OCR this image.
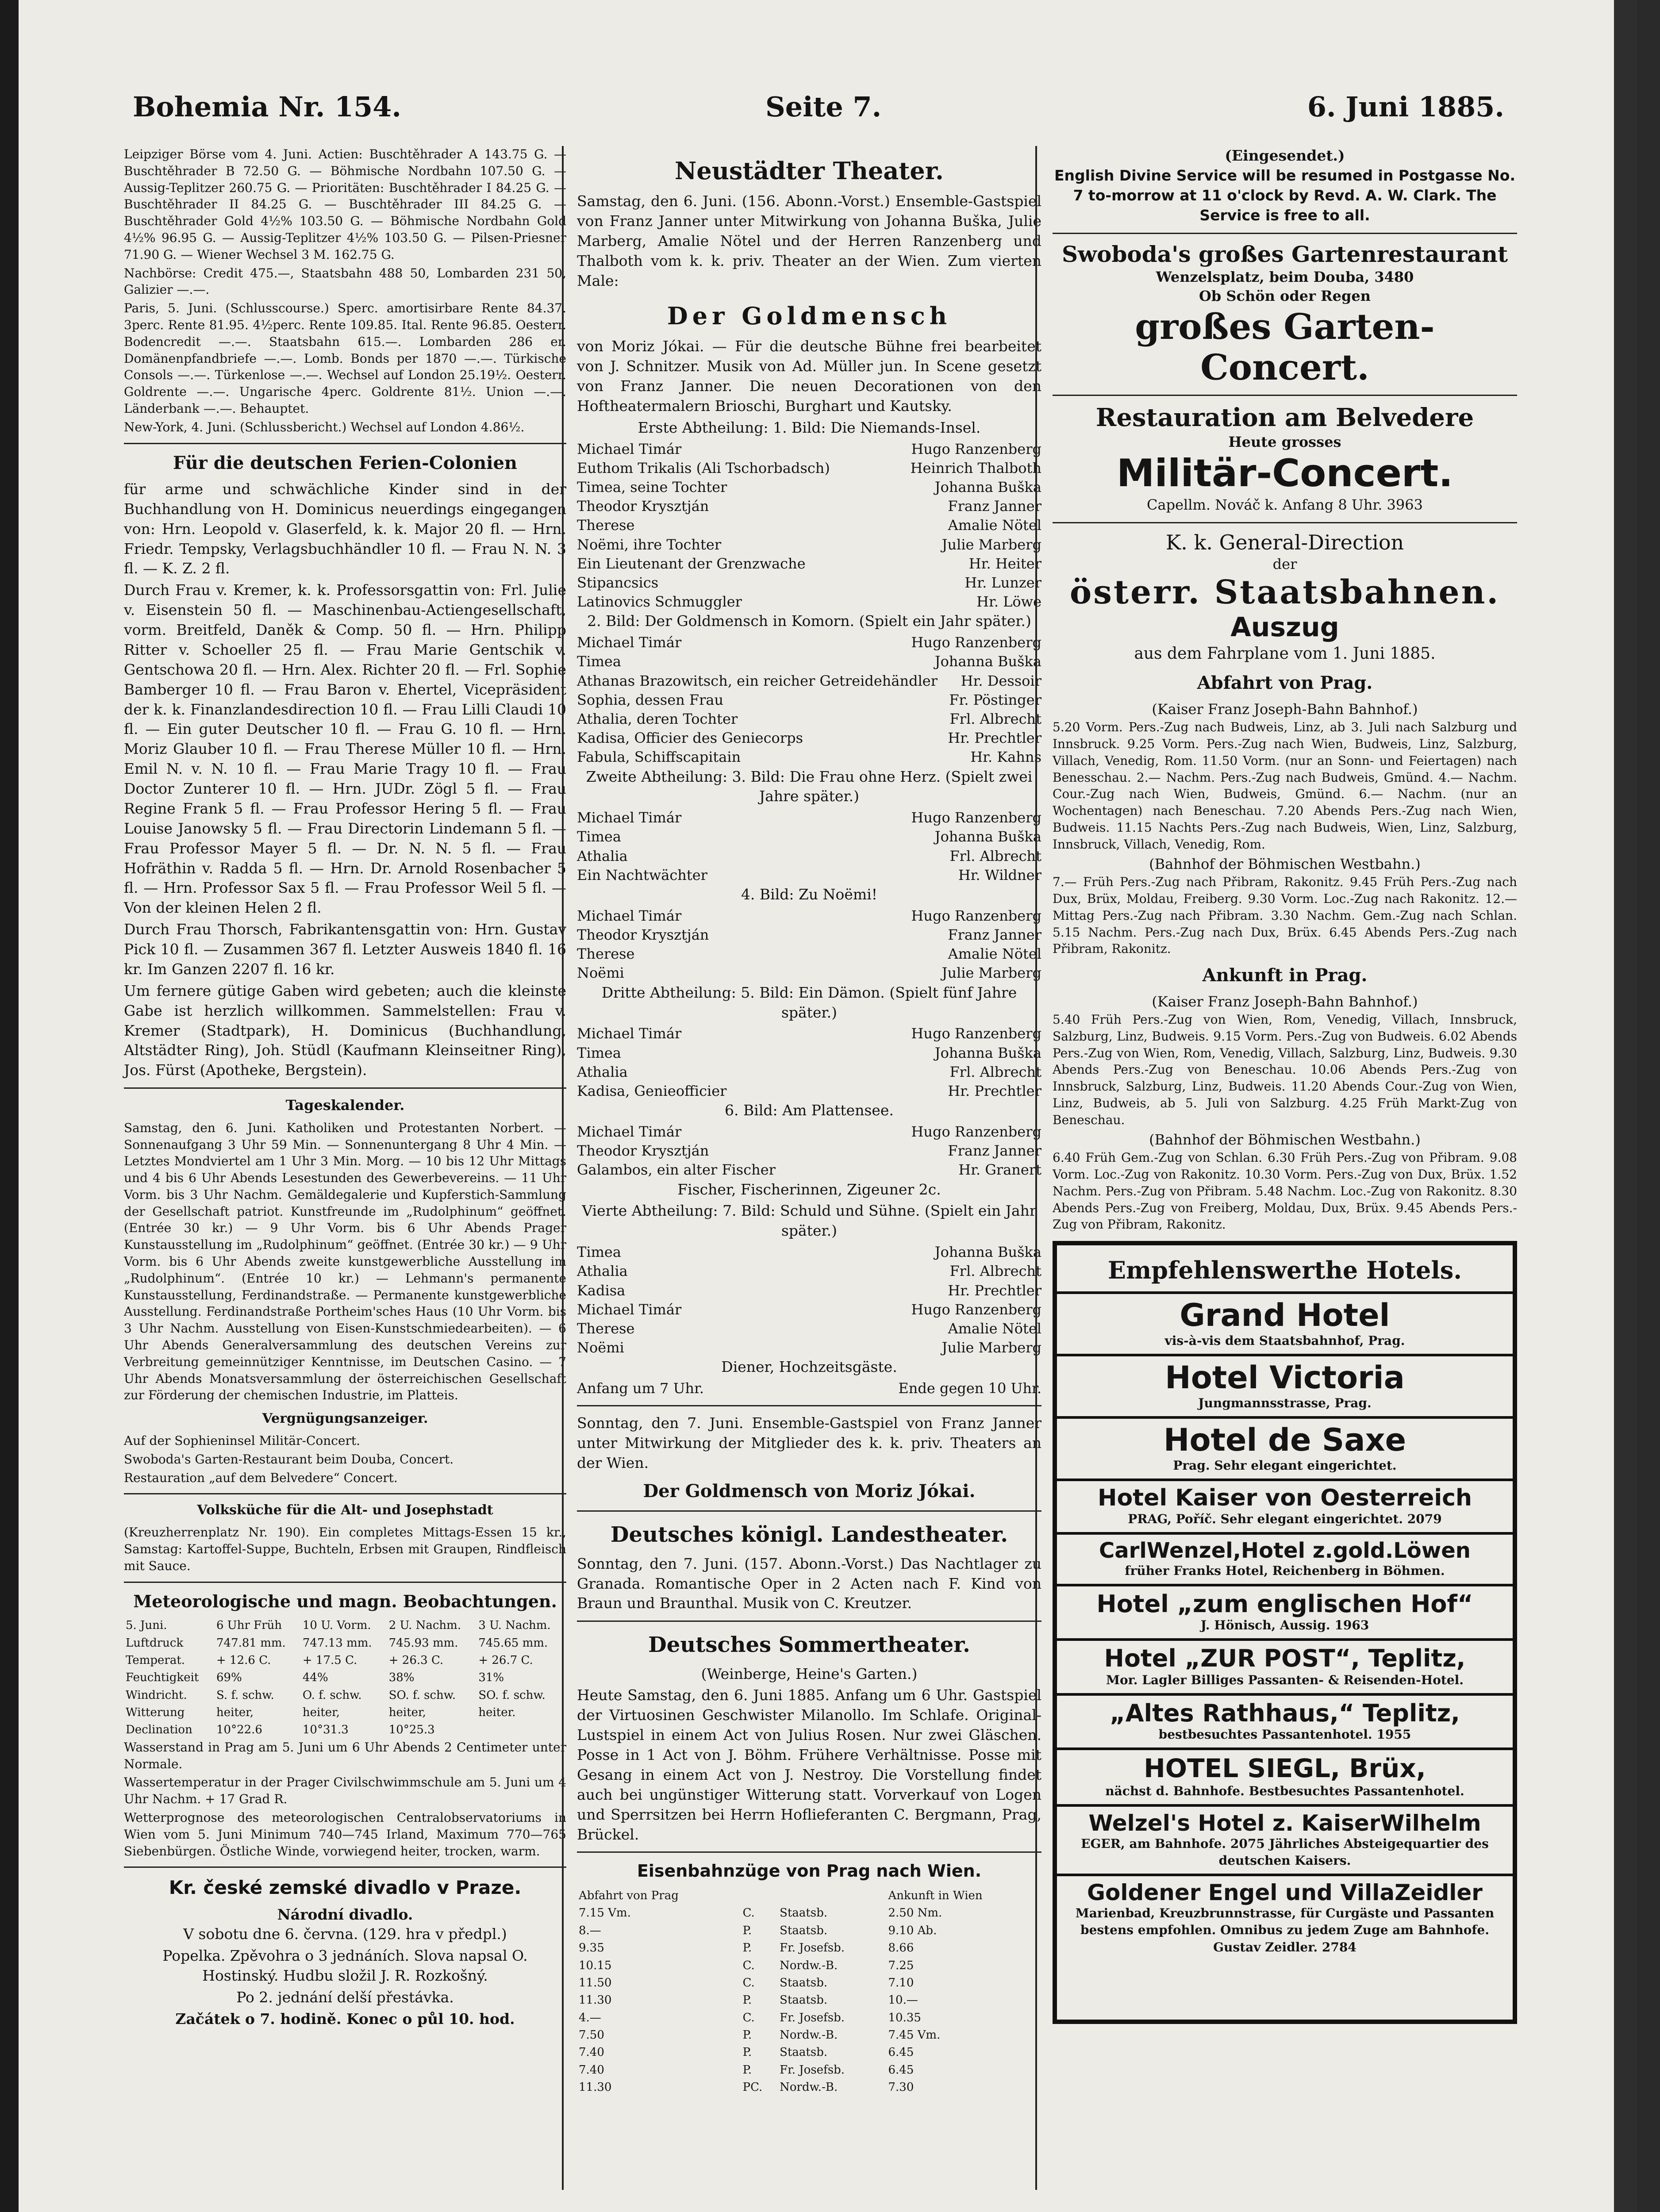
Bohemia Nr. 154.	Seite 7.	6. Juni 1885.

Leipziger Börse vom 4. Juni. Actien: Buschtěhrader A 143.75 G. — Buschtěhrader B 72.50 G. — Böhmische Nordbahn 107.50 G. — Aussig-Teplitzer 260.75 G. — Prioritäten: Buschtěhrader I 84.25 G. — Buschtěhrader II 84.25 G. — Buschtěhrader III 84.25 G. — Buschtěhrader Gold 4½% 103.50 G. — Böhmische Nordbahn Gold 4½% 96.95 G. — Aussig-Teplitzer 4½% 103.50 G. — Pilsen-Priesner 71.90 G. — Wiener Wechsel 3 M. 162.75 G.

Nachbörse: Credit 475.—, Staatsbahn 488 50, Lombarden 231 50, Galizier —.—.

Paris, 5. Juni. (Schlusscourse.) Sperc. amortisirbare Rente 84.37. 3perc. Rente 81.95. 4½perc. Rente 109.85. Ital. Rente 96.85. Oesterr. Bodencredit —.—. Staatsbahn 615.—. Lombarden 286 er. Domänenpfandbriefe —.—. Lomb. Bonds per 1870 —.—. Türkische Consols —.—. Türkenlose —.—. Wechsel auf London 25.19½. Oesterr. Goldrente —.—. Ungarische 4perc. Goldrente 81½. Union —.—. Länderbank —.—. Behauptet.

New-York, 4. Juni. (Schlussbericht.) Wechsel auf London 4.86½.

Für die deutschen Ferien-Colonien

für arme und schwächliche Kinder sind in der Buchhandlung von H. Dominicus neuerdings eingegangen von: Hrn. Leopold v. Glaserfeld, k. k. Major 20 fl. — Hrn. Friedr. Tempsky, Verlagsbuchhändler 10 fl. — Frau N. N. 3 fl. — K. Z. 2 fl.

Durch Frau v. Kremer, k. k. Professorsgattin von: Frl. Julie v. Eisenstein 50 fl. — Maschinenbau-Actiengesellschaft, vorm. Breitfeld, Daněk & Comp. 50 fl. — Hrn. Philipp Ritter v. Schoeller 25 fl. — Frau Marie Gentschik v. Gentschowa 20 fl. — Hrn. Alex. Richter 20 fl. — Frl. Sophie Bamberger 10 fl. — Frau Baron v. Ehertel, Vicepräsident der k. k. Finanzlandesdirection 10 fl. — Frau Lilli Claudi 10 fl. — Ein guter Deutscher 10 fl. — Frau G. 10 fl. — Hrn. Moriz Glauber 10 fl. — Frau Therese Müller 10 fl. — Hrn. Emil N. v. N. 10 fl. — Frau Marie Tragy 10 fl. — Frau Doctor Zunterer 10 fl. — Hrn. JUDr. Zögl 5 fl. — Frau Regine Frank 5 fl. — Frau Professor Hering 5 fl. — Frau Louise Janowsky 5 fl. — Frau Directorin Lindemann 5 fl. — Frau Professor Mayer 5 fl. — Dr. N. N. 5 fl. — Frau Hofräthin v. Radda 5 fl. — Hrn. Dr. Arnold Rosenbacher 5 fl. — Hrn. Professor Sax 5 fl. — Frau Professor Weil 5 fl. — Von der kleinen Helen 2 fl.

Durch Frau Thorsch, Fabrikantensgattin von: Hrn. Gustav Pick 10 fl. — Zusammen 367 fl. Letzter Ausweis 1840 fl. 16 kr. Im Ganzen 2207 fl. 16 kr.

Um fernere gütige Gaben wird gebeten; auch die kleinste Gabe ist herzlich willkommen. Sammelstellen: Frau v. Kremer (Stadtpark), H. Dominicus (Buchhandlung, Altstädter Ring), Joh. Stüdl (Kaufmann Kleinseitner Ring), Jos. Fürst (Apotheke, Bergstein).

Tageskalender.

Samstag, den 6. Juni. Katholiken und Protestanten Norbert. — Sonnenaufgang 3 Uhr 59 Min. — Sonnenuntergang 8 Uhr 4 Min. — Letztes Mondviertel am 1 Uhr 3 Min. Morg. — 10 bis 12 Uhr Mittags und 4 bis 6 Uhr Abends Lesestunden des Gewerbevereins. — 11 Uhr Vorm. bis 3 Uhr Nachm. Gemäldegalerie und Kupferstich-Sammlung der Gesellschaft patriot. Kunstfreunde im „Rudolphinum“ geöffnet. (Entrée 30 kr.) — 9 Uhr Vorm. bis 6 Uhr Abends Prager Kunstausstellung im „Rudolphinum“ geöffnet. (Entrée 30 kr.) — 9 Uhr Vorm. bis 6 Uhr Abends zweite kunstgewerbliche Ausstellung im „Rudolphinum“. (Entrée 10 kr.) — Lehmann's permanente Kunstausstellung, Ferdinandstraße. — Permanente kunstgewerbliche Ausstellung. Ferdinandstraße Portheim'sches Haus (10 Uhr Vorm. bis 3 Uhr Nachm. Ausstellung von Eisen-Kunstschmiedearbeiten). — 6 Uhr Abends Generalversammlung des deutschen Vereins zur Verbreitung gemeinnütziger Kenntnisse, im Deutschen Casino. — 7 Uhr Abends Monatsversammlung der österreichischen Gesellschaft zur Förderung der chemischen Industrie, im Platteis.

Vergnügungsanzeiger.

Auf der Sophieninsel Militär-Concert.

Swoboda's Garten-Restaurant beim Douba, Concert.

Restauration „auf dem Belvedere“ Concert.

Volksküche für die Alt- und Josephstadt

(Kreuzherrenplatz Nr. 190). Ein completes Mittags-Essen 15 kr., Samstag: Kartoffel-Suppe, Buchteln, Erbsen mit Graupen, Rindfleisch mit Sauce.

Meteorologische und magn. Beobachtungen.
5. Juni.	6 Uhr Früh	10 U. Vorm.	2 U. Nachm.	3 U. Nachm.
Luftdruck	747.81 mm.	747.13 mm.	745.93 mm.	745.65 mm.
Temperat.	+ 12.6 C.	+ 17.5 C.	+ 26.3 C.	+ 26.7 C.
Feuchtigkeit	69%	44%	38%	31%
Windricht.	S. f. schw.	O. f. schw.	SO. f. schw.	SO. f. schw.
Witterung	heiter,	heiter,	heiter,	heiter.
Declination	10°22.6	10°31.3	10°25.3	

Wasserstand in Prag am 5. Juni um 6 Uhr Abends 2 Centimeter unter Normale.

Wassertemperatur in der Prager Civilschwimmschule am 5. Juni um 4 Uhr Nachm. + 17 Grad R.

Wetterprognose des meteorologischen Centralobservatoriums in Wien vom 5. Juni Minimum 740—745 Irland, Maximum 770—765 Siebenbürgen. Östliche Winde, vorwiegend heiter, trocken, warm.

Kr. české zemské divadlo v Praze.
Národní divadlo.

V sobotu dne 6. června. (129. hra v předpl.)

Popelka. Zpěvohra o 3 jednáních. Slova napsal O. Hostinský. Hudbu složil J. R. Rozkošný.

Po 2. jednání delší přestávka.

Začátek o 7. hodině. Konec o půl 10. hod.

Neustädter Theater.

Samstag, den 6. Juni. (156. Abonn.-Vorst.) Ensemble-Gastspiel von Franz Janner unter Mitwirkung von Johanna Buška, Julie Marberg, Amalie Nötel und der Herren Ranzenberg und Thalboth vom k. k. priv. Theater an der Wien. Zum vierten Male:

Der Goldmensch

von Moriz Jókai. — Für die deutsche Bühne frei bearbeitet von J. Schnitzer. Musik von Ad. Müller jun. In Scene gesetzt von Franz Janner. Die neuen Decorationen von den Hoftheatermalern Brioschi, Burghart und Kautsky.

Erste Abtheilung: 1. Bild: Die Niemands-Insel.

Michael Timár	Hugo Ranzenberg
Euthom Trikalis (Ali Tschorbadsch)	Heinrich Thalboth
Timea, seine Tochter	Johanna Buška
Theodor Krysztján	Franz Janner
Therese	Amalie Nötel
Noëmi, ihre Tochter	Julie Marberg
Ein Lieutenant der Grenzwache	Hr. Heiter
Stipancsics	Hr. Lunzer
Latinovics Schmuggler	Hr. Löwe

2. Bild: Der Goldmensch in Komorn. (Spielt ein Jahr später.)

Michael Timár	Hugo Ranzenberg
Timea	Johanna Buška
Athanas Brazowitsch, ein reicher Getreidehändler Hr. Dessoir
Sophia, dessen Frau	Fr. Pöstinger
Athalia, deren Tochter	Frl. Albrecht
Kadisa, Officier des Geniecorps	Hr. Prechtler
Fabula, Schiffscapitain	Hr. Kahns

Zweite Abtheilung: 3. Bild: Die Frau ohne Herz. (Spielt zwei Jahre später.)

Michael Timár	Hugo Ranzenberg
Timea	Johanna Buška
Athalia	Frl. Albrecht
Ein Nachtwächter	Hr. Wildner

4. Bild: Zu Noëmi!

Michael Timár	Hugo Ranzenberg
Theodor Krysztján	Franz Janner
Therese	Amalie Nötel
Noëmi	Julie Marberg

Dritte Abtheilung: 5. Bild: Ein Dämon. (Spielt fünf Jahre später.)

Michael Timár	Hugo Ranzenberg
Timea	Johanna Buška
Athalia	Frl. Albrecht
Kadisa, Genieofficier	Hr. Prechtler

6. Bild: Am Plattensee.

Michael Timár	Hugo Ranzenberg
Theodor Krysztján	Franz Janner
Galambos, ein alter Fischer	Hr. Granert

Fischer, Fischerinnen, Zigeuner 2c.

Vierte Abtheilung: 7. Bild: Schuld und Sühne. (Spielt ein Jahr später.)

Timea	Johanna Buška
Athalia	Frl. Albrecht
Kadisa	Hr. Prechtler
Michael Timár	Hugo Ranzenberg
Therese	Amalie Nötel
Noëmi	Julie Marberg

Diener, Hochzeitsgäste.

Anfang um 7 Uhr.	Ende gegen 10 Uhr.

Sonntag, den 7. Juni. Ensemble-Gastspiel von Franz Janner unter Mitwirkung der Mitglieder des k. k. priv. Theaters an der Wien.

Der Goldmensch von Moriz Jókai.
Deutsches königl. Landestheater.

Sonntag, den 7. Juni. (157. Abonn.-Vorst.) Das Nachtlager zu Granada. Romantische Oper in 2 Acten nach F. Kind von Braun und Braunthal. Musik von C. Kreutzer.

Deutsches Sommertheater.

(Weinberge, Heine's Garten.)

Heute Samstag, den 6. Juni 1885. Anfang um 6 Uhr. Gastspiel der Virtuosinen Geschwister Milanollo. Im Schlafe. Original-Lustspiel in einem Act von Julius Rosen. Nur zwei Gläschen. Posse in 1 Act von J. Böhm. Frühere Verhältnisse. Posse mit Gesang in einem Act von J. Nestroy. Die Vorstellung findet auch bei ungünstiger Witterung statt. Vorverkauf von Logen und Sperrsitzen bei Herrn Hoflieferanten C. Bergmann, Prag, Brückel.

Eisenbahnzüge von Prag nach Wien.
Abfahrt von Prag			Ankunft in Wien
7.15 Vm.	C.	Staatsb.	2.50 Nm.
8.—	P.	Staatsb.	9.10 Ab.
9.35	P.	Fr. Josefsb.	8.66
10.15	C.	Nordw.-B.	7.25
11.50	C.	Staatsb.	7.10
11.30	P.	Staatsb.	10.—
4.—	C.	Fr. Josefsb.	10.35
7.50	P.	Nordw.-B.	7.45 Vm.
7.40	P.	Staatsb.	6.45
7.40	P.	Fr. Josefsb.	6.45
11.30	PC.	Nordw.-B.	7.30
(Eingesendet.)

English Divine Service will be resumed in Postgasse No. 7 to-morrow at 11 o'clock by Revd. A. W. Clark. The Service is free to all.

Swoboda's großes Gartenrestaurant
Wenzelsplatz, beim Douba, 3480
Ob Schön oder Regen
großes Garten-Concert.
Restauration am Belvedere
Heute grosses
Militär-Concert.
Capellm. Nováč k. Anfang 8 Uhr. 3963
K. k. General-Direction
der
österr. Staatsbahnen.
Auszug
aus dem Fahrplane vom 1. Juni 1885.
Abfahrt von Prag.
(Kaiser Franz Joseph-Bahn Bahnhof.)

5.20 Vorm. Pers.-Zug nach Budweis, Linz, ab 3. Juli nach Salzburg und Innsbruck. 9.25 Vorm. Pers.-Zug nach Wien, Budweis, Linz, Salzburg, Villach, Venedig, Rom. 11.50 Vorm. (nur an Sonn- und Feiertagen) nach Benesschau. 2.— Nachm. Pers.-Zug nach Budweis, Gmünd. 4.— Nachm. Cour.-Zug nach Wien, Budweis, Gmünd. 6.— Nachm. (nur an Wochentagen) nach Beneschau. 7.20 Abends Pers.-Zug nach Wien, Budweis. 11.15 Nachts Pers.-Zug nach Budweis, Wien, Linz, Salzburg, Innsbruck, Villach, Venedig, Rom.

(Bahnhof der Böhmischen Westbahn.)

7.— Früh Pers.-Zug nach Přibram, Rakonitz. 9.45 Früh Pers.-Zug nach Dux, Brüx, Moldau, Freiberg. 9.30 Vorm. Loc.-Zug nach Rakonitz. 12.— Mittag Pers.-Zug nach Přibram. 3.30 Nachm. Gem.-Zug nach Schlan. 5.15 Nachm. Pers.-Zug nach Dux, Brüx. 6.45 Abends Pers.-Zug nach Přibram, Rakonitz.

Ankunft in Prag.
(Kaiser Franz Joseph-Bahn Bahnhof.)

5.40 Früh Pers.-Zug von Wien, Rom, Venedig, Villach, Innsbruck, Salzburg, Linz, Budweis. 9.15 Vorm. Pers.-Zug von Budweis. 6.02 Abends Pers.-Zug von Wien, Rom, Venedig, Villach, Salzburg, Linz, Budweis. 9.30 Abends Pers.-Zug von Beneschau. 10.06 Abends Pers.-Zug von Innsbruck, Salzburg, Linz, Budweis. 11.20 Abends Cour.-Zug von Wien, Linz, Budweis, ab 5. Juli von Salzburg. 4.25 Früh Markt-Zug von Beneschau.

(Bahnhof der Böhmischen Westbahn.)

6.40 Früh Gem.-Zug von Schlan. 6.30 Früh Pers.-Zug von Přibram. 9.08 Vorm. Loc.-Zug von Rakonitz. 10.30 Vorm. Pers.-Zug von Dux, Brüx. 1.52 Nachm. Pers.-Zug von Přibram. 5.48 Nachm. Loc.-Zug von Rakonitz. 8.30 Abends Pers.-Zug von Freiberg, Moldau, Dux, Brüx. 9.45 Abends Pers.-Zug von Přibram, Rakonitz.

Empfehlenswerthe Hotels.
Grand Hotel
vis-à-vis dem Staatsbahnhof, Prag.
Hotel Victoria
Jungmannsstrasse, Prag.
Hotel de Saxe
Prag. Sehr elegant eingerichtet.
Hotel Kaiser von Oesterreich
PRAG, Poříč. Sehr elegant eingerichtet. 2079
CarlWenzel,Hotel z.gold.Löwen
früher Franks Hotel, Reichenberg in Böhmen.
Hotel „zum englischen Hof“
J. Hönisch, Aussig. 1963
Hotel „ZUR POST“, Teplitz,
Mor. Lagler Billiges Passanten- & Reisenden-Hotel.
„Altes Rathhaus,“ Teplitz,
bestbesuchtes Passantenhotel. 1955
HOTEL SIEGL, Brüx,
nächst d. Bahnhofe. Bestbesuchtes Passantenhotel.
Welzel's Hotel z. KaiserWilhelm
EGER, am Bahnhofe. 2075 Jährliches Absteigequartier des deutschen Kaisers.
Goldener Engel und VillaZeidler
Marienbad, Kreuzbrunnstrasse, für Curgäste und Passanten bestens empfohlen. Omnibus zu jedem Zuge am Bahnhofe. Gustav Zeidler. 2784
